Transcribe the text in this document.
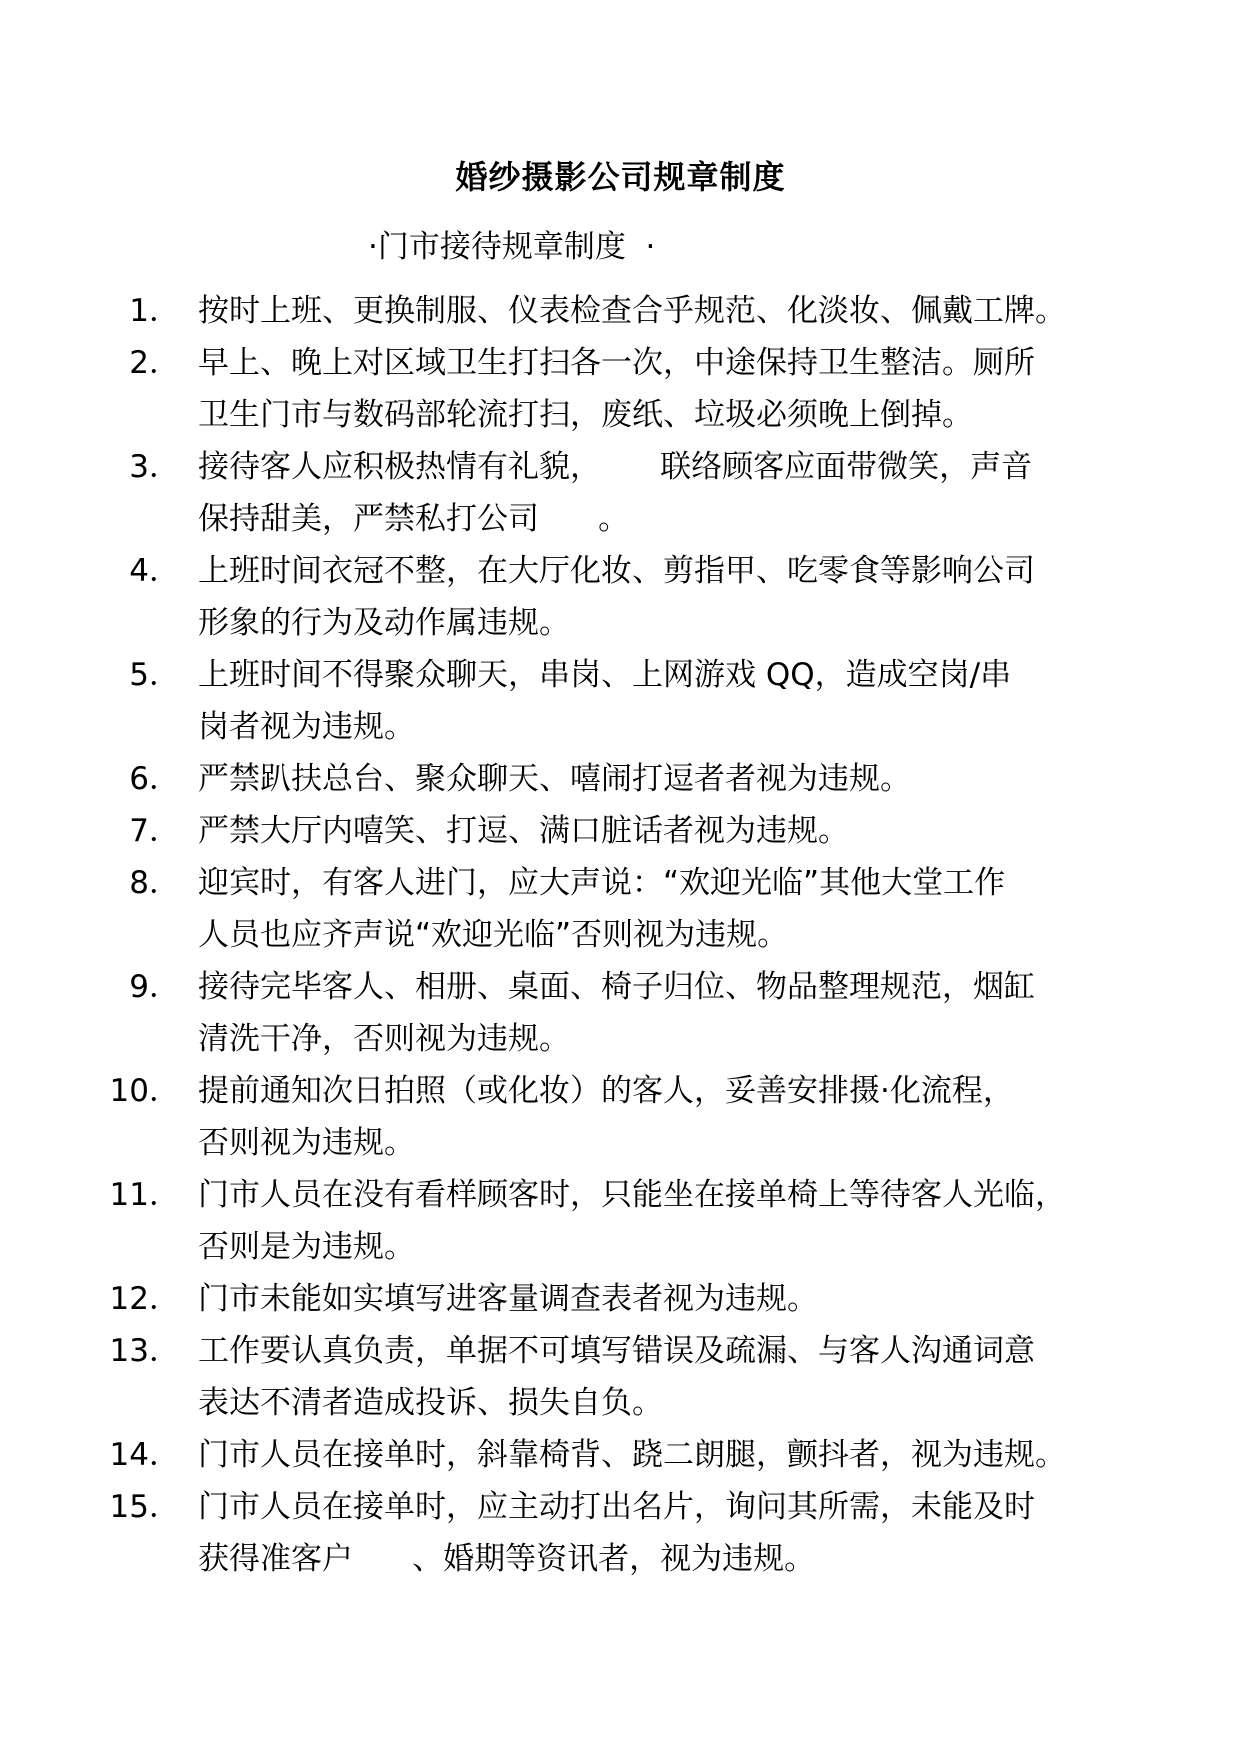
婚纱摄影公司规章制度
·门市接待规章制度  ·
1． 按时上班、更换制服、仪表检查合乎规范、化淡妆、佩戴工牌。
2． 早上、晚上对区域卫生打扫各一次，中途保持卫生整洁。厕所
卫生门市与数码部轮流打扫，废纸、垃圾必须晚上倒掉。
3． 接待客人应积极热情有礼貌，      联络顾客应面带微笑，声音
保持甜美，严禁私打公司      。
4． 上班时间衣冠不整，在大厅化妆、剪指甲、吃零食等影响公司
形象的行为及动作属违规。
5． 上班时间不得聚众聊天，串岗、上网游戏 QQ，造成空岗/串
岗者视为违规。
6． 严禁趴扶总台、聚众聊天、嘻闹打逗者者视为违规。
7． 严禁大厅内嘻笑、打逗、满口脏话者视为违规。
8． 迎宾时，有客人进门，应大声说：“欢迎光临”其他大堂工作
人员也应齐声说“欢迎光临”否则视为违规。
9． 接待完毕客人、相册、桌面、椅子归位、物品整理规范，烟缸
清洗干净，否则视为违规。
10． 提前通知次日拍照（或化妆）的客人，妥善安排摄·化流程，
否则视为违规。
11． 门市人员在没有看样顾客时，只能坐在接单椅上等待客人光临，
否则是为违规。
12． 门市未能如实填写进客量调查表者视为违规。
13． 工作要认真负责，单据不可填写错误及疏漏、与客人沟通词意
表达不清者造成投诉、损失自负。
14． 门市人员在接单时，斜靠椅背、跷二朗腿，颤抖者，视为违规。
15． 门市人员在接单时，应主动打出名片，询问其所需，未能及时
获得准客户      、婚期等资讯者，视为违规。
